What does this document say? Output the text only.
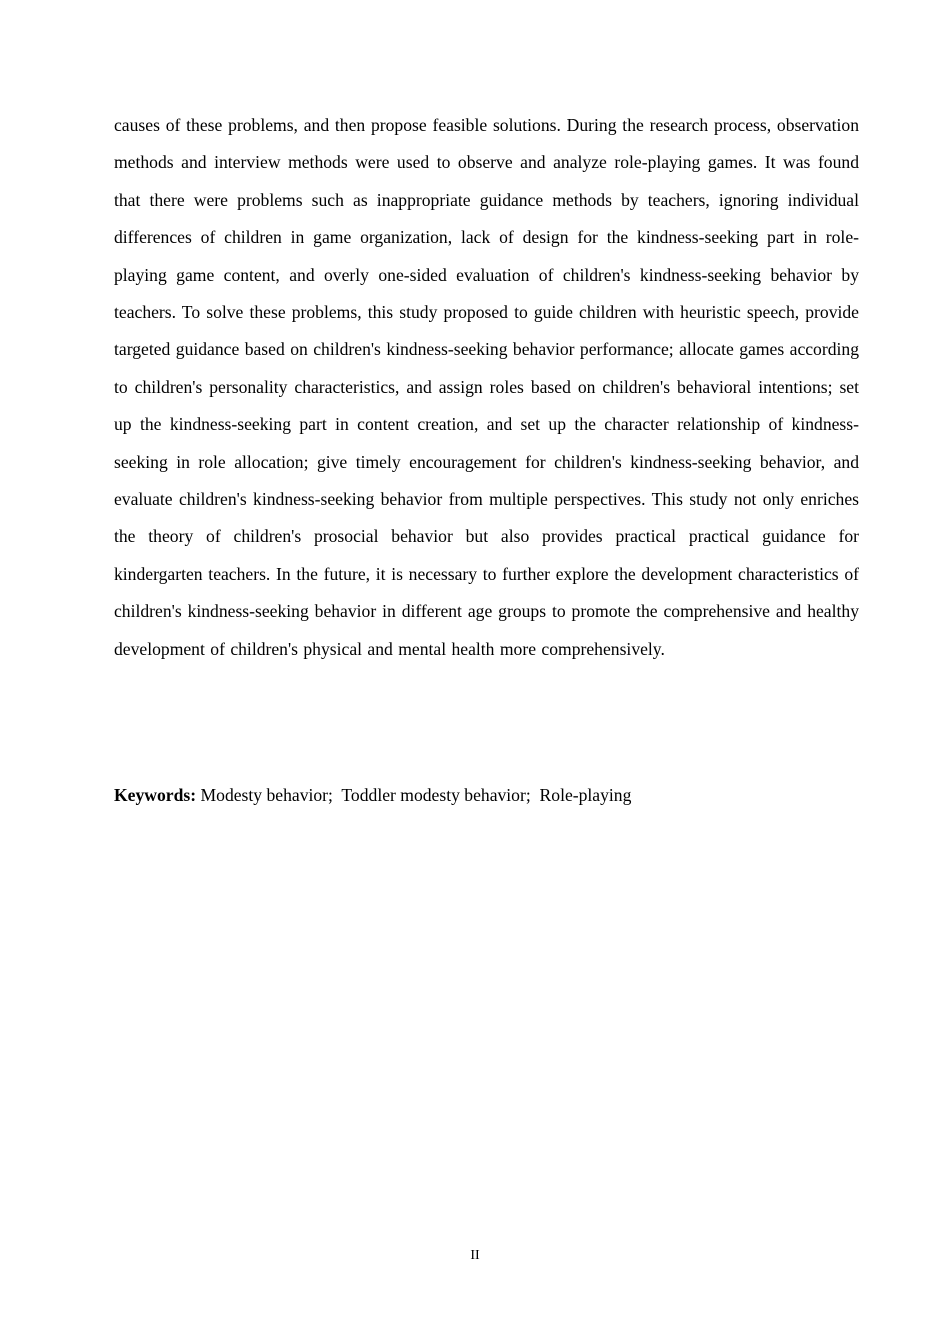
causes of these problems, and then propose feasible solutions. During the research process, observation methods and interview methods were used to observe and analyze role-playing games. It was found that there were problems such as inappropriate guidance methods by teachers, ignoring individual differences of children in game organization, lack of design for the kindness-seeking part in role-playing game content, and overly one-sided evaluation of children's kindness-seeking behavior by teachers. To solve these problems, this study proposed to guide children with heuristic speech, provide targeted guidance based on children's kindness-seeking behavior performance; allocate games according to children's personality characteristics, and assign roles based on children's behavioral intentions; set up the kindness-seeking part in content creation, and set up the character relationship of kindness-seeking in role allocation; give timely encouragement for children's kindness-seeking behavior, and evaluate children's kindness-seeking behavior from multiple perspectives. This study not only enriches the theory of children's prosocial behavior but also provides practical practical guidance for kindergarten teachers. In the future, it is necessary to further explore the development characteristics of children's kindness-seeking behavior in different age groups to promote the comprehensive and healthy development of children's physical and mental health more comprehensively.

Keywords: Modesty behavior;  Toddler modesty behavior;  Role-playing

II
